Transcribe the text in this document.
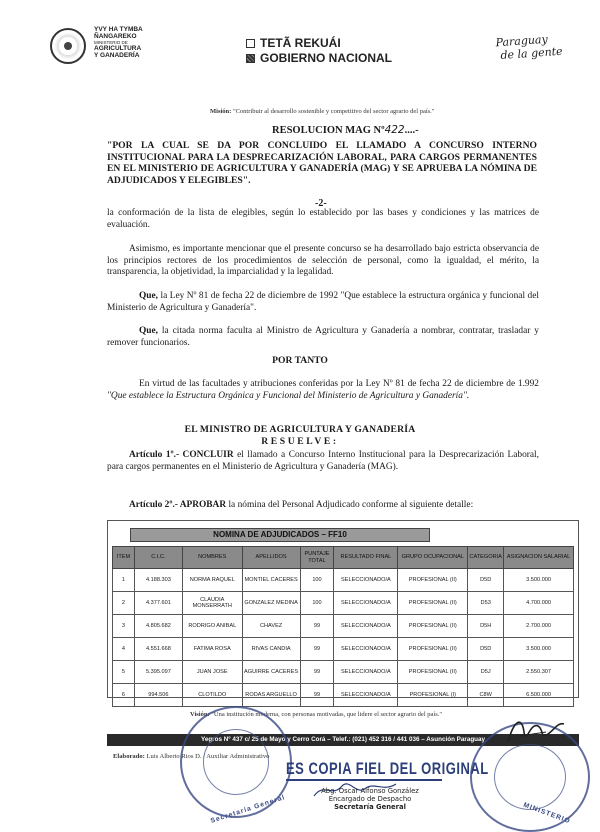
YVY HA TYMBA
ÑANGAREKO
MINISTERIO DE
AGRICULTURA
Y GANADERÍA
TETÃ REKUÁI
GOBIERNO NACIONAL
Paraguay
de la gente
Misión: "Contribuir al desarrollo sostenible y competitivo del sector agrario del país."
RESOLUCION MAG Nº422....-
"POR LA CUAL SE DA POR CONCLUIDO EL LLAMADO A CONCURSO INTERNO INSTITUCIONAL PARA LA DESPRECARIZACIÓN LABORAL, PARA CARGOS PERMANENTES EN EL MINISTERIO DE AGRICULTURA Y GANADERÍA (MAG) Y SE APRUEBA LA NÓMINA DE ADJUDICADOS Y ELEGIBLES".
-2-
la conformación de la lista de elegibles, según lo establecido por las bases y condiciones y las matrices de evaluación.
Asimismo, es importante mencionar que el presente concurso se ha desarrollado bajo estricta observancia de los principios rectores de los procedimientos de selección de personal, como la igualdad, el mérito, la transparencia, la objetividad, la imparcialidad y la legalidad.
Que, la Ley Nº 81 de fecha 22 de diciembre de 1992 "Que establece la estructura orgánica y funcional del Ministerio de Agricultura y Ganadería".
Que, la citada norma faculta al Ministro de Agricultura y Ganadería a nombrar, contratar, trasladar y remover funcionarios.
POR TANTO
En virtud de las facultades y atribuciones conferidas por la Ley Nº 81 de fecha 22 de diciembre de 1.992 "Que establece la Estructura Orgánica y Funcional del Ministerio de Agricultura y Ganadería".
EL MINISTRO DE AGRICULTURA Y GANADERÍA
RESUELVE:
Artículo 1º.- CONCLUIR el llamado a Concurso Interno Institucional para la Desprecarización Laboral, para cargos permanentes en el Ministerio de Agricultura y Ganadería (MAG).
Artículo 2º.- APROBAR la nómina del Personal Adjudicado conforme al siguiente detalle:
NOMINA DE ADJUDICADOS – FF10
ITEM	C.I.C.	NOMBRES	APELLIDOS	PUNTAJE TOTAL	RESULTADO FINAL	GRUPO OCUPACIONAL	CATEGORIA	ASIGNACION SALARIAL
1	4.188.303	NORMA RAQUEL	MONTIEL CACERES	100	SELECCIONADO/A	PROFESIONAL (II)	D5D	3.500.000
2	4.377.601	CLAUDIA MONSERRATH	GONZALEZ MEDINA	100	SELECCIONADO/A	PROFESIONAL (II)	D53	4.700.000
3	4.805.682	RODRIGO ANIBAL	CHAVEZ	99	SELECCIONADO/A	PROFESIONAL (II)	D5H	2.700.000
4	4.551.668	FATIMA ROSA	RIVAS CANDIA	99	SELECCIONADO/A	PROFESIONAL (II)	D5D	3.500.000
5	5.395.097	JUAN JOSE	AGUIRRE CACERES	99	SELECCIONADO/A	PROFESIONAL (II)	D5J	2.550.307
6	994.506	CLOTILDO	RODAS ARGUELLO	99	SELECCIONADO/A	PROFESIONAL (I)	C8W	6.500.000
Visión: "Una institución moderna, con personas motivadas, que lidere el sector agrario del país."
Yegros Nº 437 c/ 25 de Mayo y Cerro Corá – Telef.: (021) 452 316 / 441 036 – Asunción Paraguay
Elaborado: Luis Alberto Rios D. / Auxiliar Administrativo
Secretaría General	MINISTERIO
ES COPIA FIEL DEL ORIGINAL
Abg. Oscar Alfonso González
Encargado de Despacho
Secretaría General
